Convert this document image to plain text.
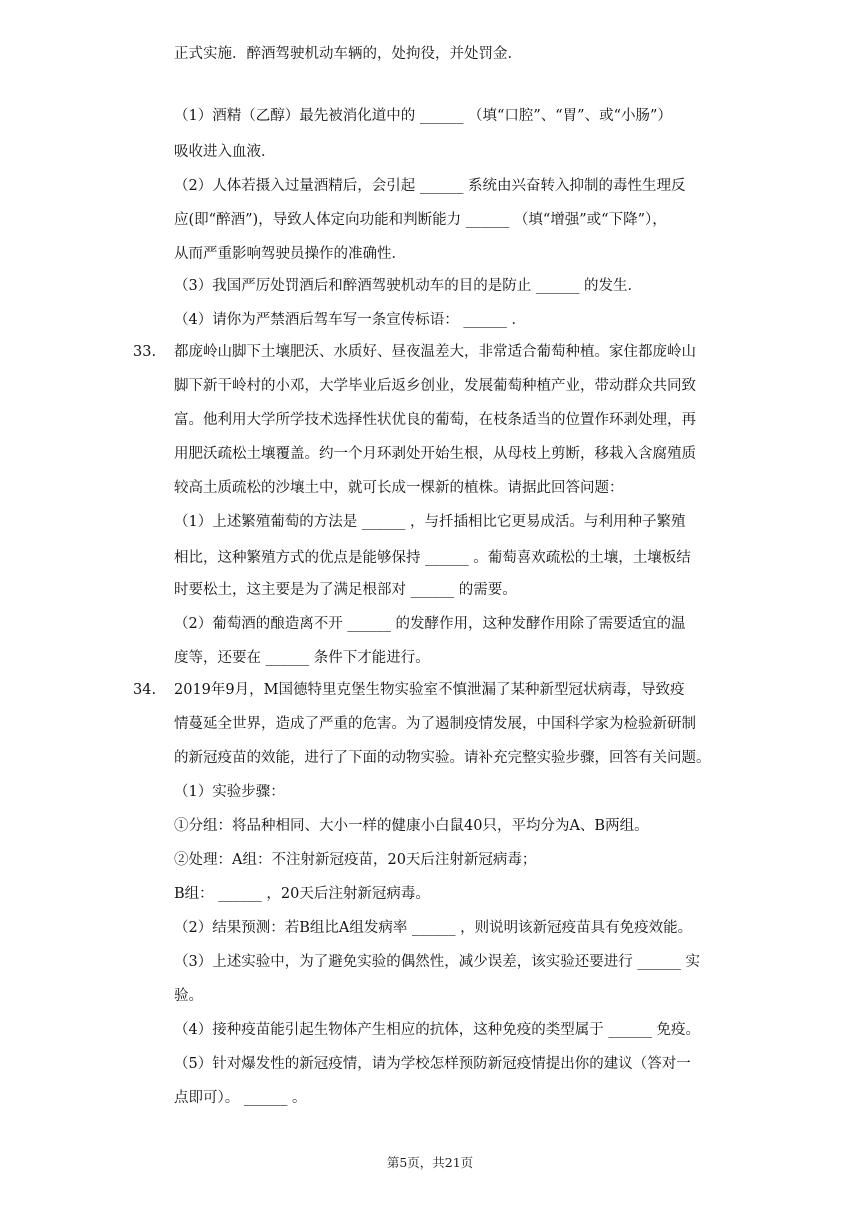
正式实施．醉酒驾驶机动车辆的，处拘役，并处罚金．
（1）酒精（乙醇）最先被消化道中的 ______ （填“口腔”、“胃”、或“小肠”）
吸收进入血液．
（2）人体若摄入过量酒精后，会引起 ______ 系统由兴奋转入抑制的毒性生理反
应(即“醉酒”)，导致人体定向功能和判断能力 ______ （填“增强”或“下降”），
从而严重影响驾驶员操作的准确性．
（3）我国严厉处罚酒后和醉酒驾驶机动车的目的是防止 ______ 的发生．
（4）请你为严禁酒后驾车写一条宣传标语： ______ ．
33. 都庞岭山脚下土壤肥沃、水质好、昼夜温差大，非常适合葡萄种植。家住都庞岭山
脚下新干岭村的小邓，大学毕业后返乡创业，发展葡萄种植产业，带动群众共同致
富。他利用大学所学技术选择性状优良的葡萄，在枝条适当的位置作环剥处理，再
用肥沃疏松土壤覆盖。约一个月环剥处开始生根，从母枝上剪断，移栽入含腐殖质
较高土质疏松的沙壤土中，就可长成一棵新的植株。请据此回答问题：
（1）上述繁殖葡萄的方法是 ______ ，与扦插相比它更易成活。与利用种子繁殖
相比，这种繁殖方式的优点是能够保持 ______ 。葡萄喜欢疏松的土壤，土壤板结
时要松土，这主要是为了满足根部对 ______ 的需要。
（2）葡萄酒的酿造离不开 ______ 的发酵作用，这种发酵作用除了需要适宜的温
度等，还要在 ______ 条件下才能进行。
34. 2019年9月，M国德特里克堡生物实验室不慎泄漏了某种新型冠状病毒，导致疫
情蔓延全世界，造成了严重的危害。为了遏制疫情发展，中国科学家为检验新研制
的新冠疫苗的效能，进行了下面的动物实验。请补充完整实验步骤，回答有关问题。
（1）实验步骤：
①分组：将品种相同、大小一样的健康小白鼠40只，平均分为A、B两组。
②处理：A组：不注射新冠疫苗，20天后注射新冠病毒；
B组： ______ ，20天后注射新冠病毒。
（2）结果预测：若B组比A组发病率 ______ ，则说明该新冠疫苗具有免疫效能。
（3）上述实验中，为了避免实验的偶然性，减少误差，该实验还要进行 ______ 实
验。
（4）接种疫苗能引起生物体产生相应的抗体，这种免疫的类型属于 ______ 免疫。
（5）针对爆发性的新冠疫情，请为学校怎样预防新冠疫情提出你的建议（答对一
点即可）。 ______ 。
第5页，共21页
